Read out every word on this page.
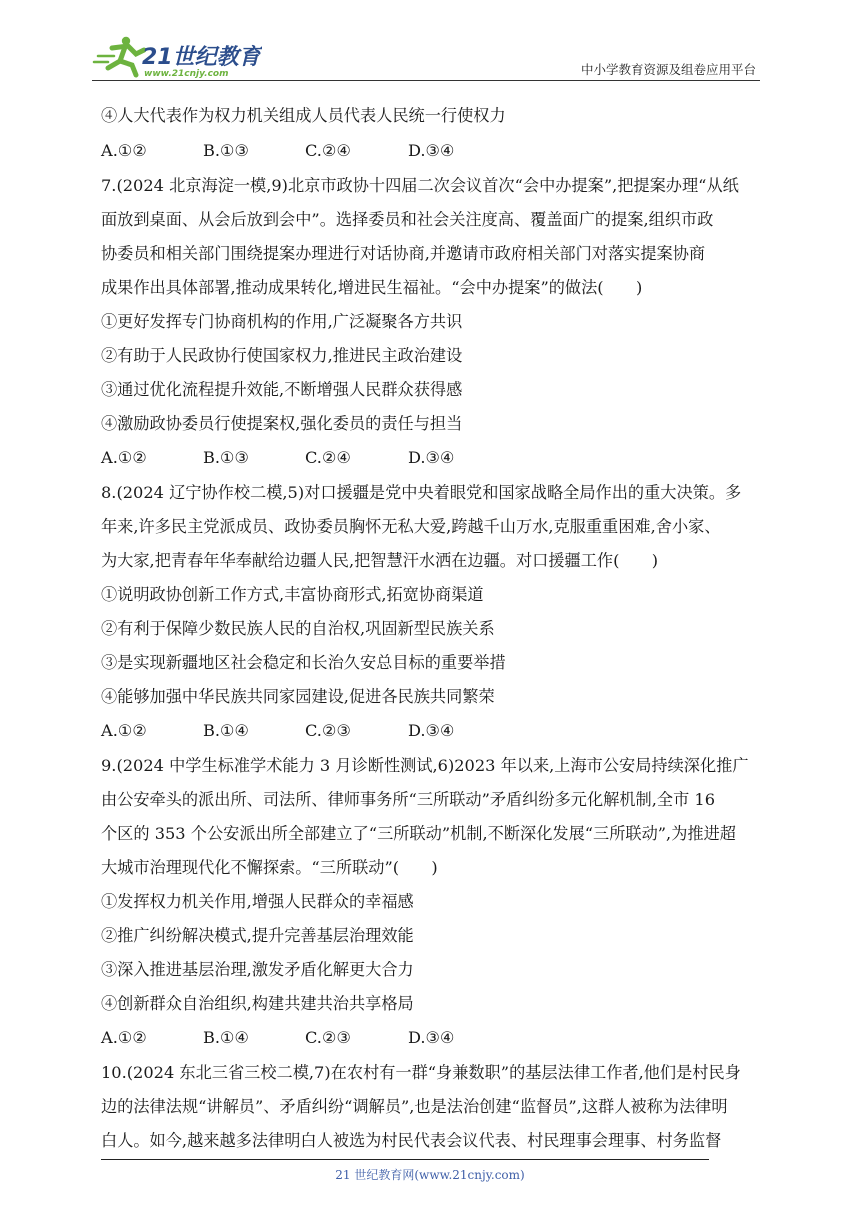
21世纪教育
www.21cnjy.com	中小学教育资源及组卷应用平台
④人大代表作为权力机关组成人员代表人民统一行使权力
A.①②	B.①③	C.②④	D.③④
7.(2024 北京海淀一模,9)北京市政协十四届二次会议首次“会中办提案”,把提案办理“从纸
面放到桌面、从会后放到会中”。选择委员和社会关注度高、覆盖面广的提案,组织市政
协委员和相关部门围绕提案办理进行对话协商,并邀请市政府相关部门对落实提案协商
成果作出具体部署,推动成果转化,增进民生福祉。“会中办提案”的做法(　　)
①更好发挥专门协商机构的作用,广泛凝聚各方共识
②有助于人民政协行使国家权力,推进民主政治建设
③通过优化流程提升效能,不断增强人民群众获得感
④激励政协委员行使提案权,强化委员的责任与担当
A.①②	B.①③	C.②④	D.③④
8.(2024 辽宁协作校二模,5)对口援疆是党中央着眼党和国家战略全局作出的重大决策。多
年来,许多民主党派成员、政协委员胸怀无私大爱,跨越千山万水,克服重重困难,舍小家、
为大家,把青春年华奉献给边疆人民,把智慧汗水洒在边疆。对口援疆工作(　　)
①说明政协创新工作方式,丰富协商形式,拓宽协商渠道
②有利于保障少数民族人民的自治权,巩固新型民族关系
③是实现新疆地区社会稳定和长治久安总目标的重要举措
④能够加强中华民族共同家园建设,促进各民族共同繁荣
A.①②	B.①④	C.②③	D.③④
9.(2024 中学生标准学术能力 3 月诊断性测试,6)2023 年以来,上海市公安局持续深化推广
由公安牵头的派出所、司法所、律师事务所“三所联动”矛盾纠纷多元化解机制,全市 16
个区的 353 个公安派出所全部建立了“三所联动”机制,不断深化发展“三所联动”,为推进超
大城市治理现代化不懈探索。“三所联动”(　　)
①发挥权力机关作用,增强人民群众的幸福感
②推广纠纷解决模式,提升完善基层治理效能
③深入推进基层治理,激发矛盾化解更大合力
④创新群众自治组织,构建共建共治共享格局
A.①②	B.①④	C.②③	D.③④
10.(2024 东北三省三校二模,7)在农村有一群“身兼数职”的基层法律工作者,他们是村民身
边的法律法规“讲解员”、矛盾纠纷“调解员”,也是法治创建“监督员”,这群人被称为法律明
白人。如今,越来越多法律明白人被选为村民代表会议代表、村民理事会理事、村务监督
21 世纪教育网(www.21cnjy.com)
